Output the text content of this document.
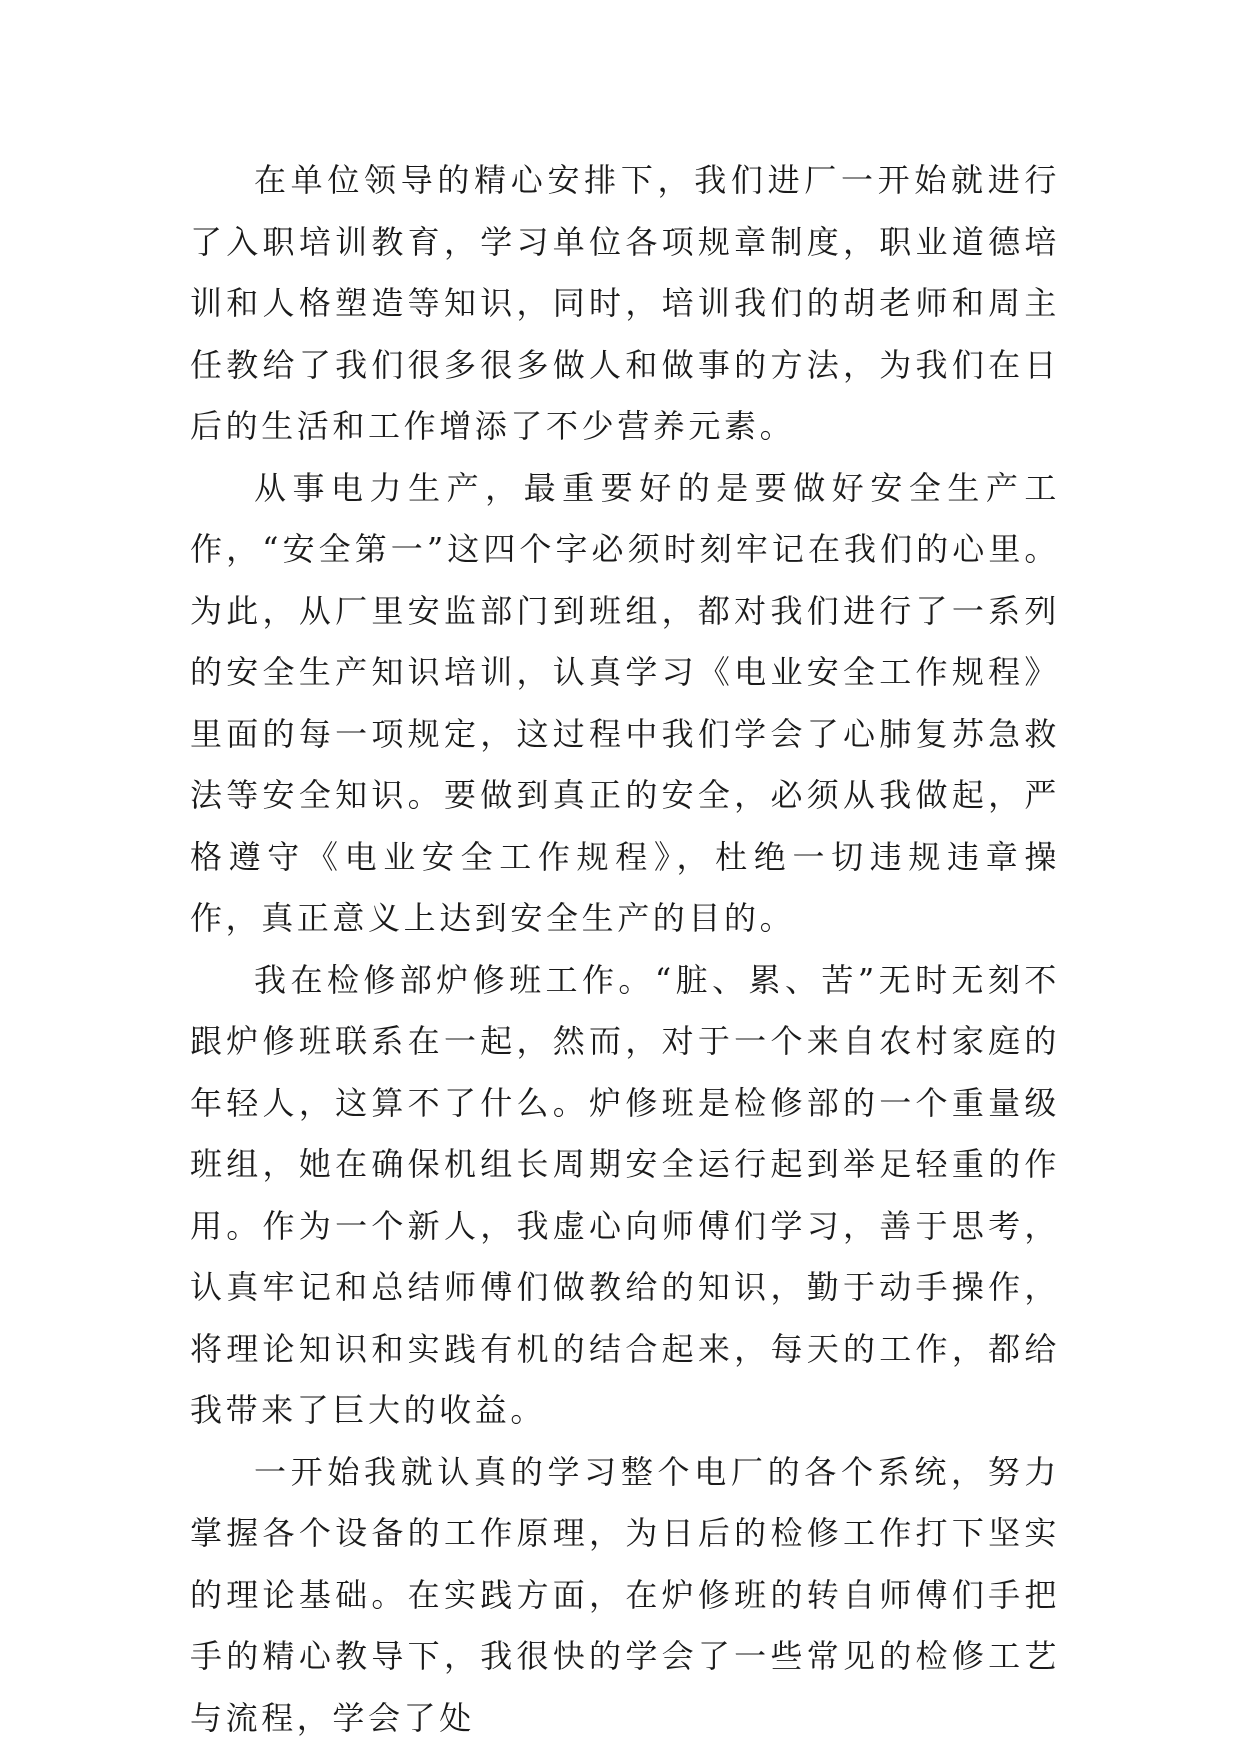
在单位领导的精心安排下，我们进厂一开始就进行了入职培训教育，学习单位各项规章制度，职业道德培训和人格塑造等知识，同时，培训我们的胡老师和周主任教给了我们很多很多做人和做事的方法，为我们在日后的生活和工作增添了不少营养元素。

从事电力生产，最重要好的是要做好安全生产工作，“安全第一”这四个字必须时刻牢记在我们的心里。为此，从厂里安监部门到班组，都对我们进行了一系列的安全生产知识培训，认真学习《电业安全工作规程》里面的每一项规定，这过程中我们学会了心肺复苏急救法等安全知识。要做到真正的安全，必须从我做起，严格遵守《电业安全工作规程》，杜绝一切违规违章操作，真正意义上达到安全生产的目的。

我在检修部炉修班工作。“脏、累、苦”无时无刻不跟炉修班联系在一起，然而，对于一个来自农村家庭的年轻人，这算不了什么。炉修班是检修部的一个重量级班组，她在确保机组长周期安全运行起到举足轻重的作用。作为一个新人，我虚心向师傅们学习，善于思考，认真牢记和总结师傅们做教给的知识，勤于动手操作，将理论知识和实践有机的结合起来，每天的工作，都给我带来了巨大的收益。

一开始我就认真的学习整个电厂的各个系统，努力掌握各个设备的工作原理，为日后的检修工作打下坚实的理论基础。在实践方面，在炉修班的转自师傅们手把手的精心教导下，我很快的学会了一些常见的检修工艺与流程，学会了处
